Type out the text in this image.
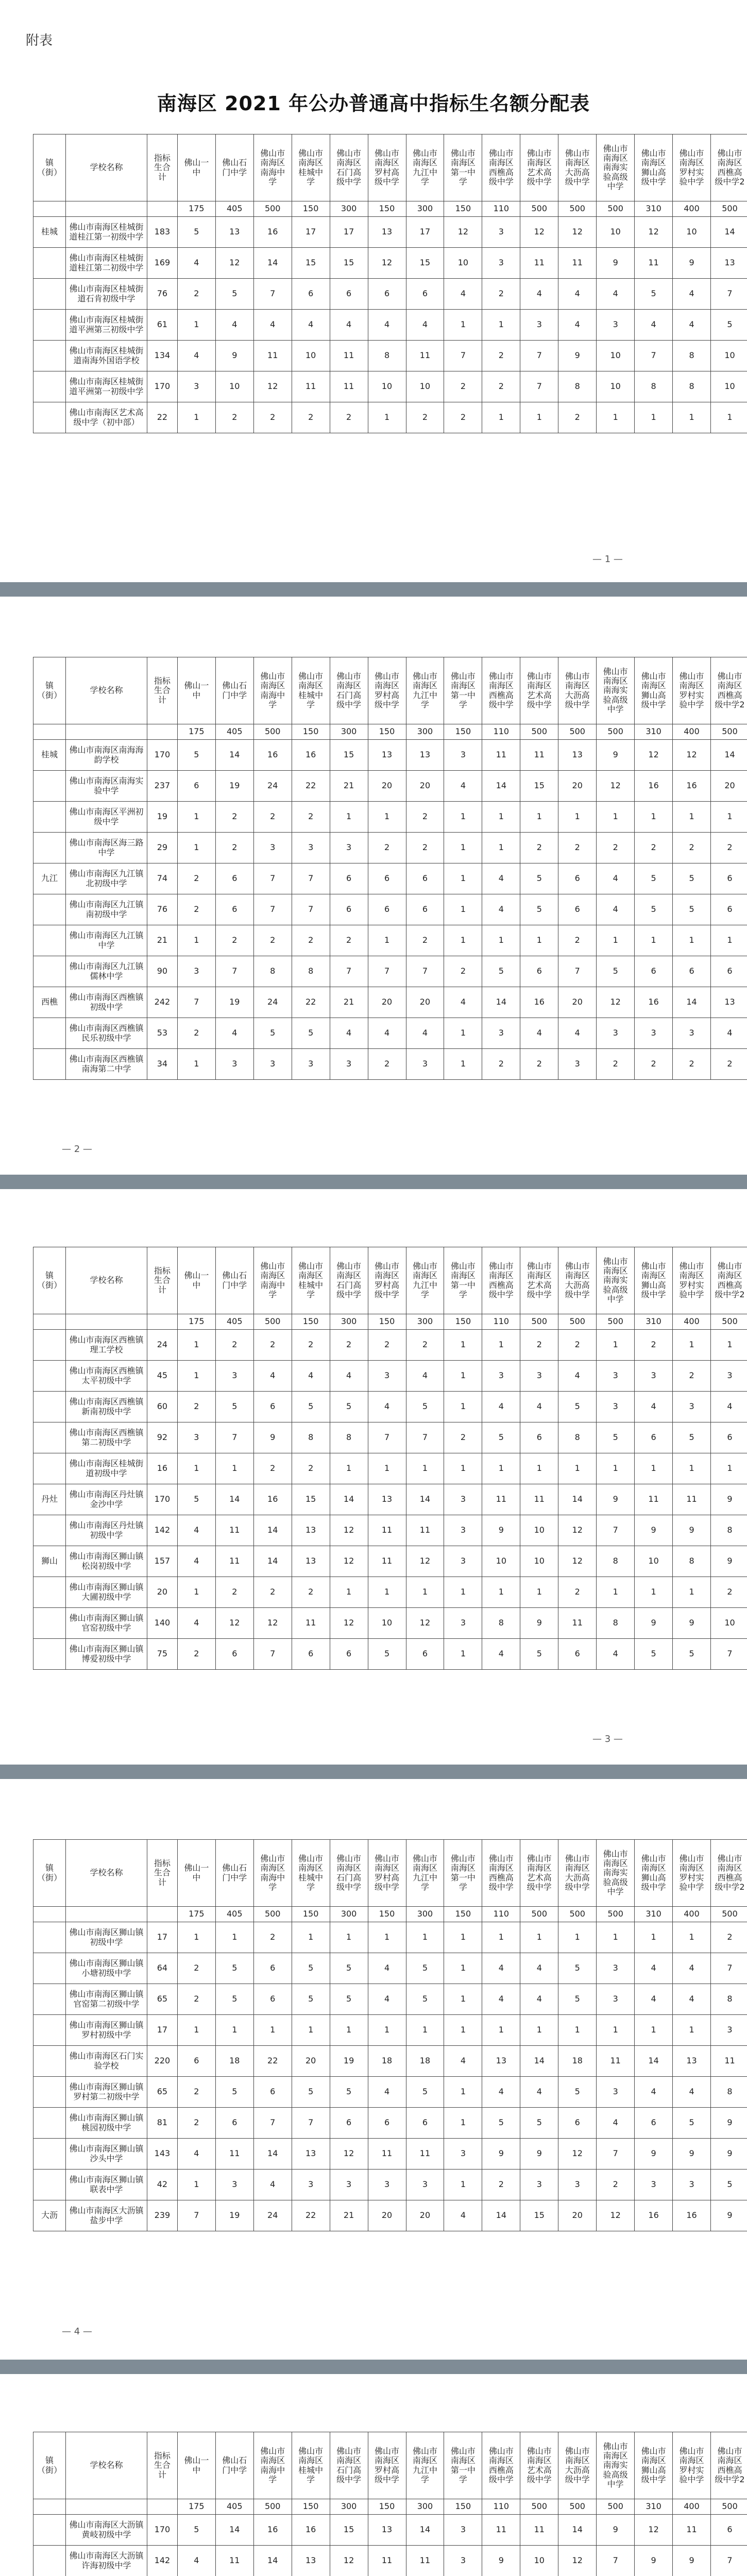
附表
南海区 2021 年公办普通高中指标生名额分配表
镇（街）	学校名称	指标生合计	佛山一中	佛山石门中学	佛山市南海区南海中学	佛山市南海区桂城中学	佛山市南海区石门高级中学	佛山市南海区罗村高级中学	佛山市南海区九江中学	佛山市南海区第一中学	佛山市南海区西樵高级中学	佛山市南海区艺术高级中学	佛山市南海区大沥高级中学	佛山市南海区南海实验高级中学	佛山市南海区狮山高级中学	佛山市南海区罗村实验中学	佛山市南海区西樵高级中学2
			175	405	500	150	300	150	300	150	110	500	500	500	310	400	500
桂城	佛山市南海区桂城街道桂江第一初级中学	183	5	13	16	17	17	13	17	12	3	12	12	10	12	10	14
	佛山市南海区桂城街道桂江第二初级中学	169	4	12	14	15	15	12	15	10	3	11	11	9	11	9	13
	佛山市南海区桂城街道石肯初级中学	76	2	5	7	6	6	6	6	4	2	4	4	4	5	4	7
	佛山市南海区桂城街道平洲第三初级中学	61	1	4	4	4	4	4	4	1	1	3	4	3	4	4	5
	佛山市南海区桂城街道南海外国语学校	134	4	9	11	10	11	8	11	7	2	7	9	10	7	8	10
	佛山市南海区桂城街道平洲第一初级中学	170	3	10	12	11	11	10	10	2	2	7	8	10	8	8	10
	佛山市南海区艺术高级中学（初中部）	22	1	2	2	2	2	1	2	2	1	1	2	1	1	1	1
镇（街）	学校名称	指标生合计	佛山一中	佛山石门中学	佛山市南海区南海中学	佛山市南海区桂城中学	佛山市南海区石门高级中学	佛山市南海区罗村高级中学	佛山市南海区九江中学	佛山市南海区第一中学	佛山市南海区西樵高级中学	佛山市南海区艺术高级中学	佛山市南海区大沥高级中学	佛山市南海区南海实验高级中学	佛山市南海区狮山高级中学	佛山市南海区罗村实验中学	佛山市南海区西樵高级中学2
			175	405	500	150	300	150	300	150	110	500	500	500	310	400	500
桂城	佛山市南海区南海海韵学校	170	5	14	16	16	15	13	13	3	11	11	13	9	12	12	14
	佛山市南海区南海实验中学	237	6	19	24	22	21	20	20	4	14	15	20	12	16	16	20
	佛山市南海区平洲初级中学	19	1	2	2	2	1	1	2	1	1	1	1	1	1	1	1
	佛山市南海区海三路中学	29	1	2	3	3	3	2	2	1	1	2	2	2	2	2	2
九江	佛山市南海区九江镇北初级中学	74	2	6	7	7	6	6	6	1	4	5	6	4	5	5	6
	佛山市南海区九江镇南初级中学	76	2	6	7	7	6	6	6	1	4	5	6	4	5	5	6
	佛山市南海区九江镇中学	21	1	2	2	2	2	1	2	1	1	1	2	1	1	1	1
	佛山市南海区九江镇儒林中学	90	3	7	8	8	7	7	7	2	5	6	7	5	6	6	6
西樵	佛山市南海区西樵镇初级中学	242	7	19	24	22	21	20	20	4	14	16	20	12	16	14	13
	佛山市南海区西樵镇民乐初级中学	53	2	4	5	5	4	4	4	1	3	4	4	3	3	3	4
	佛山市南海区西樵镇南海第二中学	34	1	3	3	3	3	2	3	1	2	2	3	2	2	2	2
镇（街）	学校名称	指标生合计	佛山一中	佛山石门中学	佛山市南海区南海中学	佛山市南海区桂城中学	佛山市南海区石门高级中学	佛山市南海区罗村高级中学	佛山市南海区九江中学	佛山市南海区第一中学	佛山市南海区西樵高级中学	佛山市南海区艺术高级中学	佛山市南海区大沥高级中学	佛山市南海区南海实验高级中学	佛山市南海区狮山高级中学	佛山市南海区罗村实验中学	佛山市南海区西樵高级中学2
			175	405	500	150	300	150	300	150	110	500	500	500	310	400	500
	佛山市南海区西樵镇理工学校	24	1	2	2	2	2	2	2	1	1	2	2	1	2	1	1
	佛山市南海区西樵镇太平初级中学	45	1	3	4	4	4	3	4	1	3	3	4	3	3	2	3
	佛山市南海区西樵镇新南初级中学	60	2	5	6	5	5	4	5	1	4	4	5	3	4	3	4
	佛山市南海区西樵镇第二初级中学	92	3	7	9	8	8	7	7	2	5	6	8	5	6	5	6
	佛山市南海区桂城街道初级中学	16	1	1	2	2	1	1	1	1	1	1	1	1	1	1	1
丹灶	佛山市南海区丹灶镇金沙中学	170	5	14	16	15	14	13	14	3	11	11	14	9	11	11	9
	佛山市南海区丹灶镇初级中学	142	4	11	14	13	12	11	11	3	9	10	12	7	9	9	8
狮山	佛山市南海区狮山镇松岗初级中学	157	4	11	14	13	12	11	12	3	10	10	12	8	10	8	9
	佛山市南海区狮山镇大圃初级中学	20	1	2	2	2	1	1	1	1	1	1	2	1	1	1	2
	佛山市南海区狮山镇官窑初级中学	140	4	12	12	11	12	10	12	3	8	9	11	8	9	9	10
	佛山市南海区狮山镇博爱初级中学	75	2	6	7	6	6	5	6	1	4	5	6	4	5	5	7
镇（街）	学校名称	指标生合计	佛山一中	佛山石门中学	佛山市南海区南海中学	佛山市南海区桂城中学	佛山市南海区石门高级中学	佛山市南海区罗村高级中学	佛山市南海区九江中学	佛山市南海区第一中学	佛山市南海区西樵高级中学	佛山市南海区艺术高级中学	佛山市南海区大沥高级中学	佛山市南海区南海实验高级中学	佛山市南海区狮山高级中学	佛山市南海区罗村实验中学	佛山市南海区西樵高级中学2
			175	405	500	150	300	150	300	150	110	500	500	500	310	400	500
	佛山市南海区狮山镇初级中学	17	1	1	2	1	1	1	1	1	1	1	1	1	1	1	2
	佛山市南海区狮山镇小塘初级中学	64	2	5	6	5	5	4	5	1	4	4	5	3	4	4	7
	佛山市南海区狮山镇官窑第二初级中学	65	2	5	6	5	5	4	5	1	4	4	5	3	4	4	8
	佛山市南海区狮山镇罗村初级中学	17	1	1	1	1	1	1	1	1	1	1	1	1	1	1	3
	佛山市南海区石门实验学校	220	6	18	22	20	19	18	18	4	13	14	18	11	14	13	11
	佛山市南海区狮山镇罗村第二初级中学	65	2	5	6	5	5	4	5	1	4	4	5	3	4	4	8
	佛山市南海区狮山镇桃园初级中学	81	2	6	7	7	6	6	6	1	5	5	6	4	6	5	9
	佛山市南海区狮山镇沙头中学	143	4	11	14	13	12	11	11	3	9	9	12	7	9	9	9
	佛山市南海区狮山镇联表中学	42	1	3	4	3	3	3	3	1	2	3	3	2	3	3	5
大沥	佛山市南海区大沥镇盐步中学	239	7	19	24	22	21	20	20	4	14	15	20	12	16	16	9
镇（街）	学校名称	指标生合计	佛山一中	佛山石门中学	佛山市南海区南海中学	佛山市南海区桂城中学	佛山市南海区石门高级中学	佛山市南海区罗村高级中学	佛山市南海区九江中学	佛山市南海区第一中学	佛山市南海区西樵高级中学	佛山市南海区艺术高级中学	佛山市南海区大沥高级中学	佛山市南海区南海实验高级中学	佛山市南海区狮山高级中学	佛山市南海区罗村实验中学	佛山市南海区西樵高级中学2
			175	405	500	150	300	150	300	150	110	500	500	500	310	400	500
	佛山市南海区大沥镇黄岐初级中学	170	5	14	16	16	15	13	14	3	11	11	14	9	12	11	6
	佛山市南海区大沥镇许海初级中学	142	4	11	14	13	12	11	11	3	9	10	12	7	9	9	7

— 1 —
— 2 —
— 3 —
— 4 —
